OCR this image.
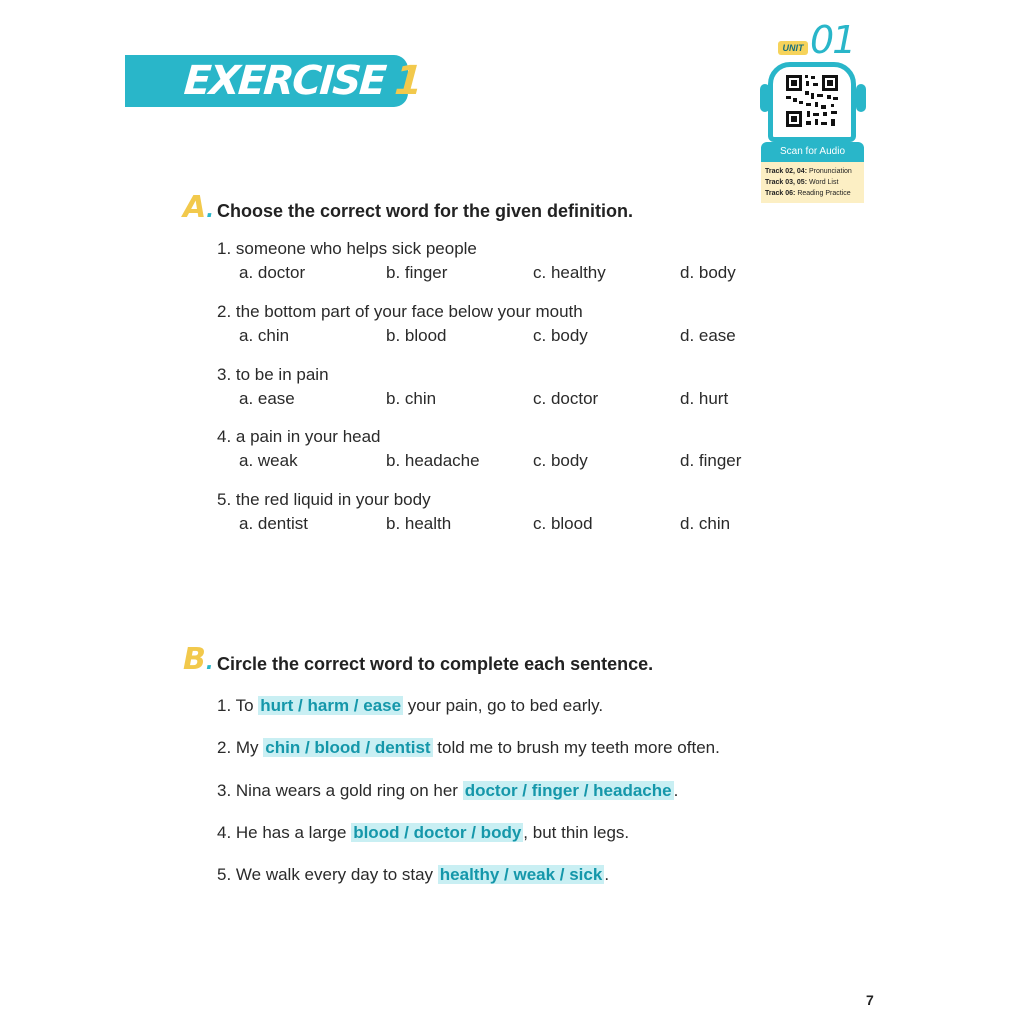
EXERCISE 1
UNIT 01
Scan for Audio
Track 02, 04: Pronunciation
Track 03, 05: Word List
Track 06: Reading Practice
A. Choose the correct word for the given definition.
1. someone who helps sick people
a. doctor	b. finger	c. healthy	d. body
2. the bottom part of your face below your mouth
a. chin	b. blood	c. body	d. ease
3. to be in pain
a. ease	b. chin	c. doctor	d. hurt
4. a pain in your head
a. weak	b. headache	c. body	d. finger
5. the red liquid in your body
a. dentist	b. health	c. blood	d. chin
B. Circle the correct word to complete each sentence.
1. To hurt / harm / ease your pain, go to bed early.
2. My chin / blood / dentist told me to brush my teeth more often.
3. Nina wears a gold ring on her doctor / finger / headache .
4. He has a large blood / doctor / body , but thin legs.
5. We walk every day to stay healthy / weak / sick .
7
